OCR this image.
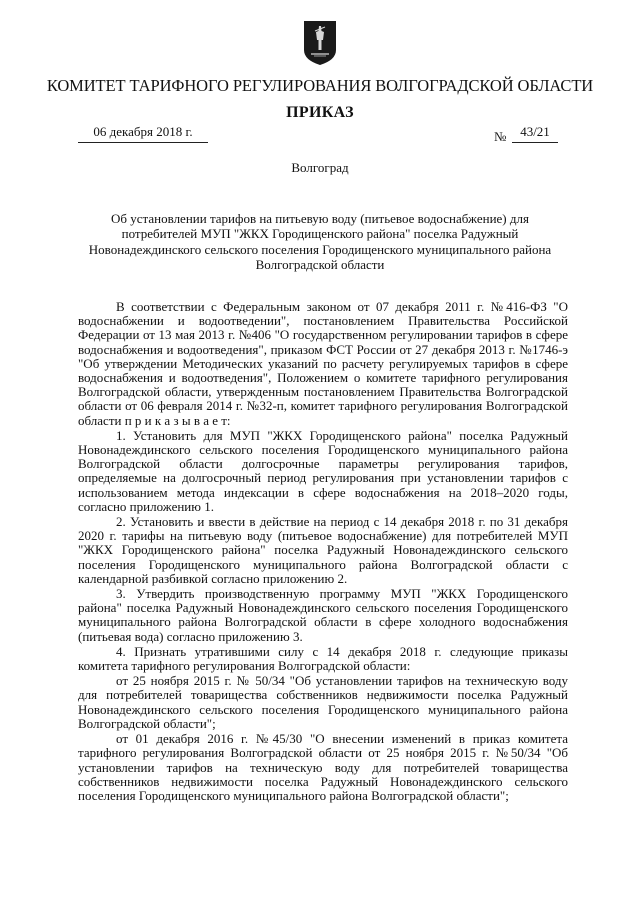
КОМИТЕТ ТАРИФНОГО РЕГУЛИРОВАНИЯ ВОЛГОГРАДСКОЙ ОБЛАСТИ
ПРИКАЗ
06 декабря 2018 г.	№	43/21
Волгоград
Об установлении тарифов на питьевую воду (питьевое водоснабжение) для потребителей МУП "ЖКХ Городищенского района" поселка Радужный Новонадеждинского сельского поселения Городищенского муниципального района Волгоградской области

В соответствии с Федеральным законом от 07 декабря 2011 г. №416-ФЗ "О водоснабжении и водоотведении", постановлением Правительства Российской Федерации от 13 мая 2013 г. №406 "О государственном регулировании тарифов в сфере водоснабжения и водоотведения", приказом ФСТ России от 27 декабря 2013 г. №1746-э "Об утверждении Методических указаний по расчету регулируемых тарифов в сфере водоснабжения и водоотведения", Положением о комитете тарифного регулирования Волгоградской области, утвержденным постановлением Правительства Волгоградской области от 06 февраля 2014 г. №32-п, комитет тарифного регулирования Волгоградской области п р и к а з ы в а е т:

1. Установить для МУП "ЖКХ Городищенского района" поселка Радужный Новонадеждинского сельского поселения Городищенского муниципального района Волгоградской области долгосрочные параметры регулирования тарифов, определяемые на долгосрочный период регулирования при установлении тарифов с использованием метода индексации в сфере водоснабжения на 2018–2020 годы, согласно приложению 1.

2. Установить и ввести в действие на период с 14 декабря 2018 г. по 31 декабря 2020 г. тарифы на питьевую воду (питьевое водоснабжение) для потребителей МУП "ЖКХ Городищенского района" поселка Радужный Новонадеждинского сельского поселения Городищенского муниципального района Волгоградской области с календарной разбивкой согласно приложению 2.

3. Утвердить производственную программу МУП "ЖКХ Городищенского района" поселка Радужный Новонадеждинского сельского поселения Городищенского муниципального района Волгоградской области в сфере холодного водоснабжения (питьевая вода) согласно приложению 3.

4. Признать утратившими силу с 14 декабря 2018 г. следующие приказы комитета тарифного регулирования Волгоградской области:

от 25 ноября 2015 г. № 50/34 "Об установлении тарифов на техническую воду для потребителей товарищества собственников недвижимости поселка Радужный Новонадеждинского сельского поселения Городищенского муниципального района Волгоградской области";

от 01 декабря 2016 г. №45/30 "О внесении изменений в приказ комитета тарифного регулирования Волгоградской области от 25 ноября 2015 г. №50/34 "Об установлении тарифов на техническую воду для потребителей товарищества собственников недвижимости поселка Радужный Новонадеждинского сельского поселения Городищенского муниципального района Волгоградской области";
